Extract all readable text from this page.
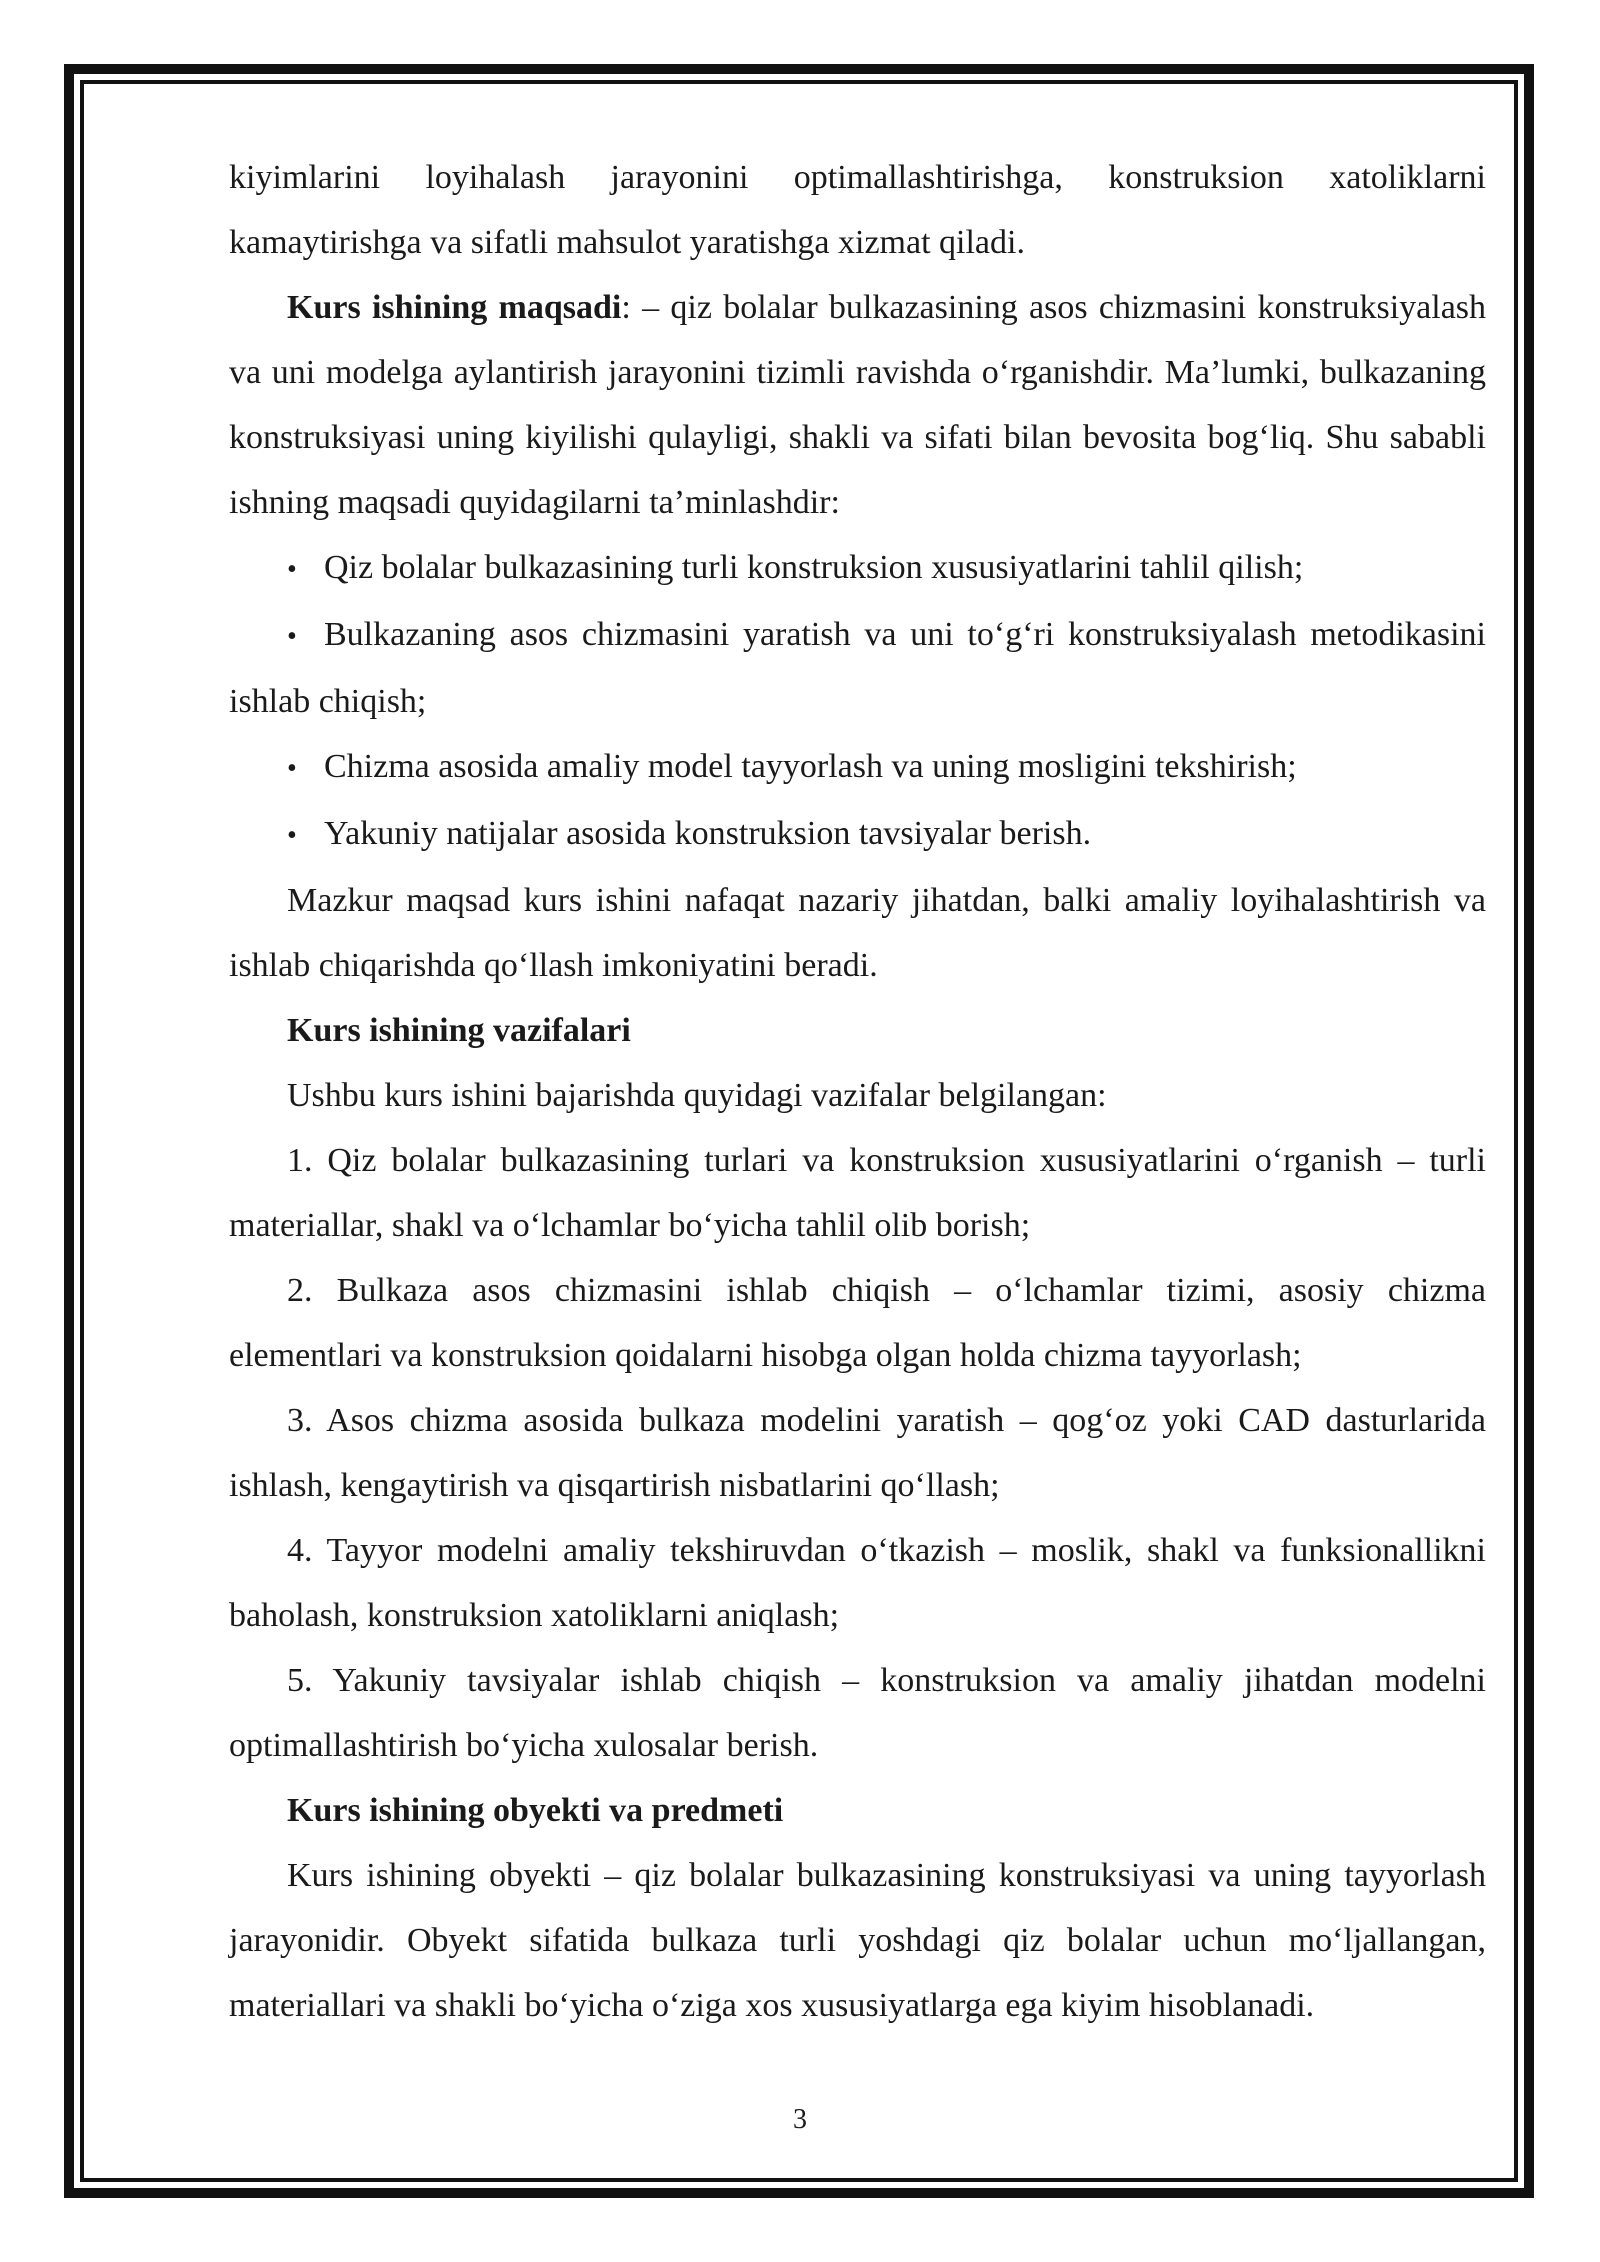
kiyimlarini loyihalash jarayonini optimallashtirishga, konstruksion xatoliklarni kamaytirishga va sifatli mahsulot yaratishga xizmat qiladi.

Kurs ishining maqsadi: – qiz bolalar bulkazasining asos chizmasini konstruksiyalash va uni modelga aylantirish jarayonini tizimli ravishda o‘rganishdir. Ma’lumki, bulkazaning konstruksiyasi uning kiyilishi qulayligi, shakli va sifati bilan bevosita bog‘liq. Shu sababli ishning maqsadi quyidagilarni ta’minlashdir:

• Qiz bolalar bulkazasining turli konstruksion xususiyatlarini tahlil qilish;

• Bulkazaning asos chizmasini yaratish va uni to‘g‘ri konstruksiyalash metodikasini ishlab chiqish;

• Chizma asosida amaliy model tayyorlash va uning mosligini tekshirish;

• Yakuniy natijalar asosida konstruksion tavsiyalar berish.

Mazkur maqsad kurs ishini nafaqat nazariy jihatdan, balki amaliy loyihalashtirish va ishlab chiqarishda qo‘llash imkoniyatini beradi.

Kurs ishining vazifalari

Ushbu kurs ishini bajarishda quyidagi vazifalar belgilangan:

1. Qiz bolalar bulkazasining turlari va konstruksion xususiyatlarini o‘rganish – turli materiallar, shakl va o‘lchamlar bo‘yicha tahlil olib borish;

2. Bulkaza asos chizmasini ishlab chiqish – o‘lchamlar tizimi, asosiy chizma elementlari va konstruksion qoidalarni hisobga olgan holda chizma tayyorlash;

3. Asos chizma asosida bulkaza modelini yaratish – qog‘oz yoki CAD dasturlarida ishlash, kengaytirish va qisqartirish nisbatlarini qo‘llash;

4. Tayyor modelni amaliy tekshiruvdan o‘tkazish – moslik, shakl va funksionallikni baholash, konstruksion xatoliklarni aniqlash;

5. Yakuniy tavsiyalar ishlab chiqish – konstruksion va amaliy jihatdan modelni optimallashtirish bo‘yicha xulosalar berish.

Kurs ishining obyekti va predmeti

Kurs ishining obyekti – qiz bolalar bulkazasining konstruksiyasi va uning tayyorlash jarayonidir. Obyekt sifatida bulkaza turli yoshdagi qiz bolalar uchun mo‘ljallangan, materiallari va shakli bo‘yicha o‘ziga xos xususiyatlarga ega kiyim hisoblanadi.

3
